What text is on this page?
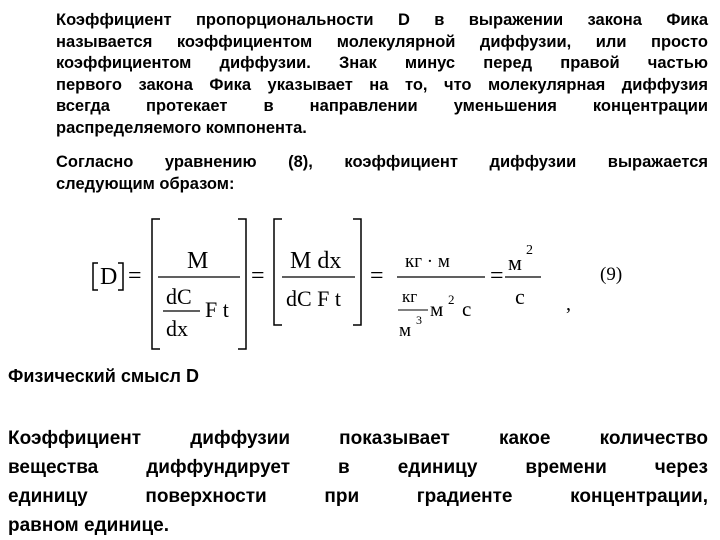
Коэффициент пропорциональности D в выражении закона Фика
называется коэффициентом молекулярной диффузии, или просто
коэффициентом диффузии. Знак минус перед правой частью
первого закона Фика указывает на то, что молекулярная диффузия
всегда протекает в направлении уменьшения концентрации
распределяемого компонента.
Согласно уравнению (8), коэффициент диффузии выражается
следующим образом:
D =
M
dC
dx
F t
=
M dx
dC F t
=
кг · м
кг
м 3 м 2 с
=
м 2
с ,
(9)
Физический смысл D
Коэффициент диффузии показывает какое количество
вещества диффундирует в единицу времени через
единицу поверхности при градиенте концентрации,
равном единице.
